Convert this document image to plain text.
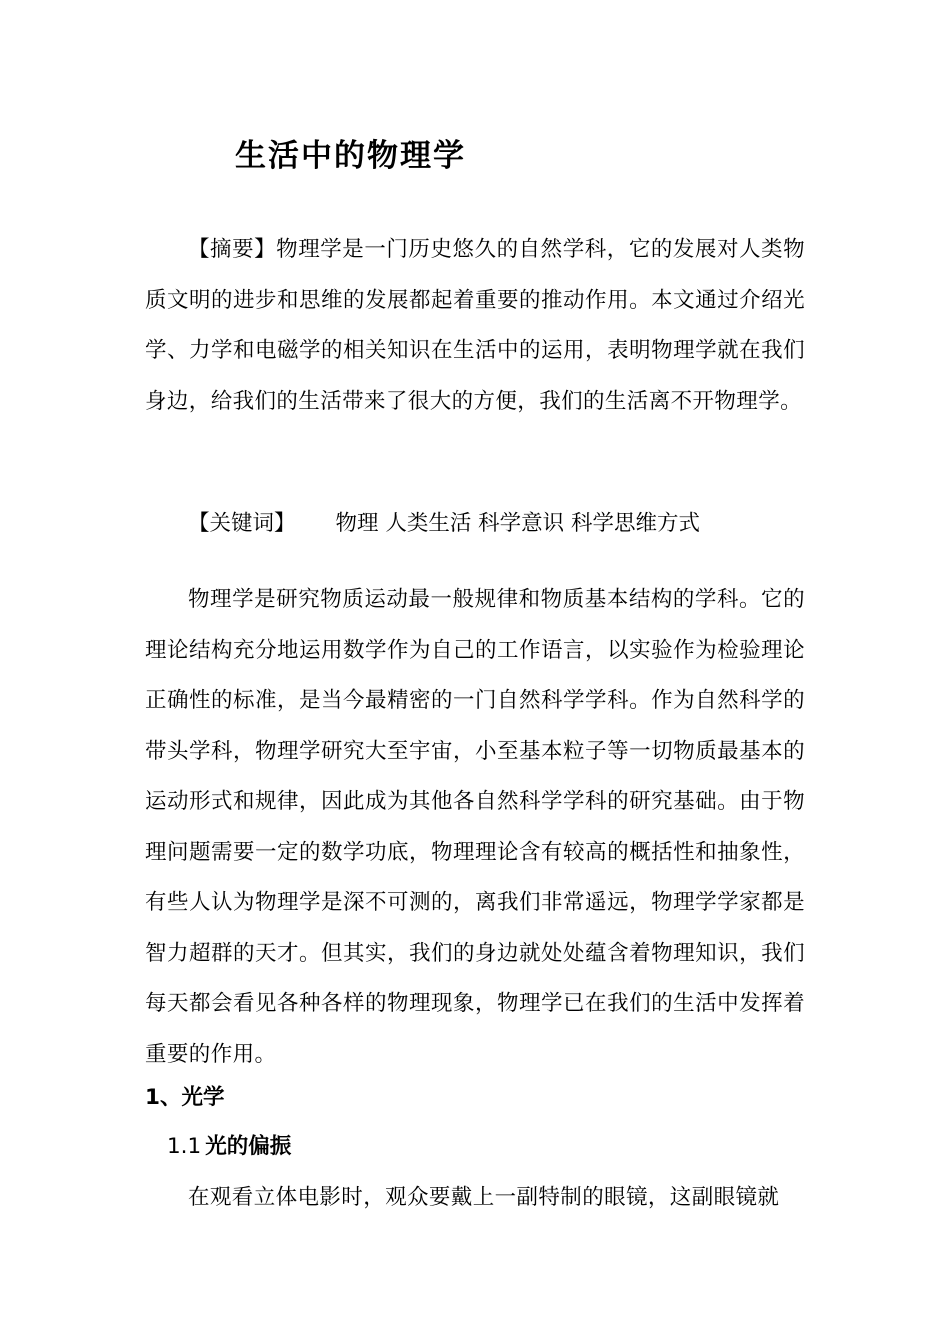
生活中的物理学
【摘要】物理学是一门历史悠久的自然学科，它的发展对人类物质文明的进步和思维的发展都起着重要的推动作用。本文通过介绍光学、力学和电磁学的相关知识在生活中的运用，表明物理学就在我们身边，给我们的生活带来了很大的方便，我们的生活离不开物理学。
【关键词】 物理 人类生活 科学意识 科学思维方式
物理学是研究物质运动最一般规律和物质基本结构的学科。它的理论结构充分地运用数学作为自己的工作语言，以实验作为检验理论正确性的标准，是当今最精密的一门自然科学学科。作为自然科学的带头学科，物理学研究大至宇宙，小至基本粒子等一切物质最基本的运动形式和规律，因此成为其他各自然科学学科的研究基础。由于物理问题需要一定的数学功底，物理理论含有较高的概括性和抽象性，有些人认为物理学是深不可测的，离我们非常遥远，物理学学家都是智力超群的天才。但其实，我们的身边就处处蕴含着物理知识，我们每天都会看见各种各样的物理现象，物理学已在我们的生活中发挥着重要的作用。
1、光学
1.1 光的偏振
在观看立体电影时，观众要戴上一副特制的眼镜，这副眼镜就
